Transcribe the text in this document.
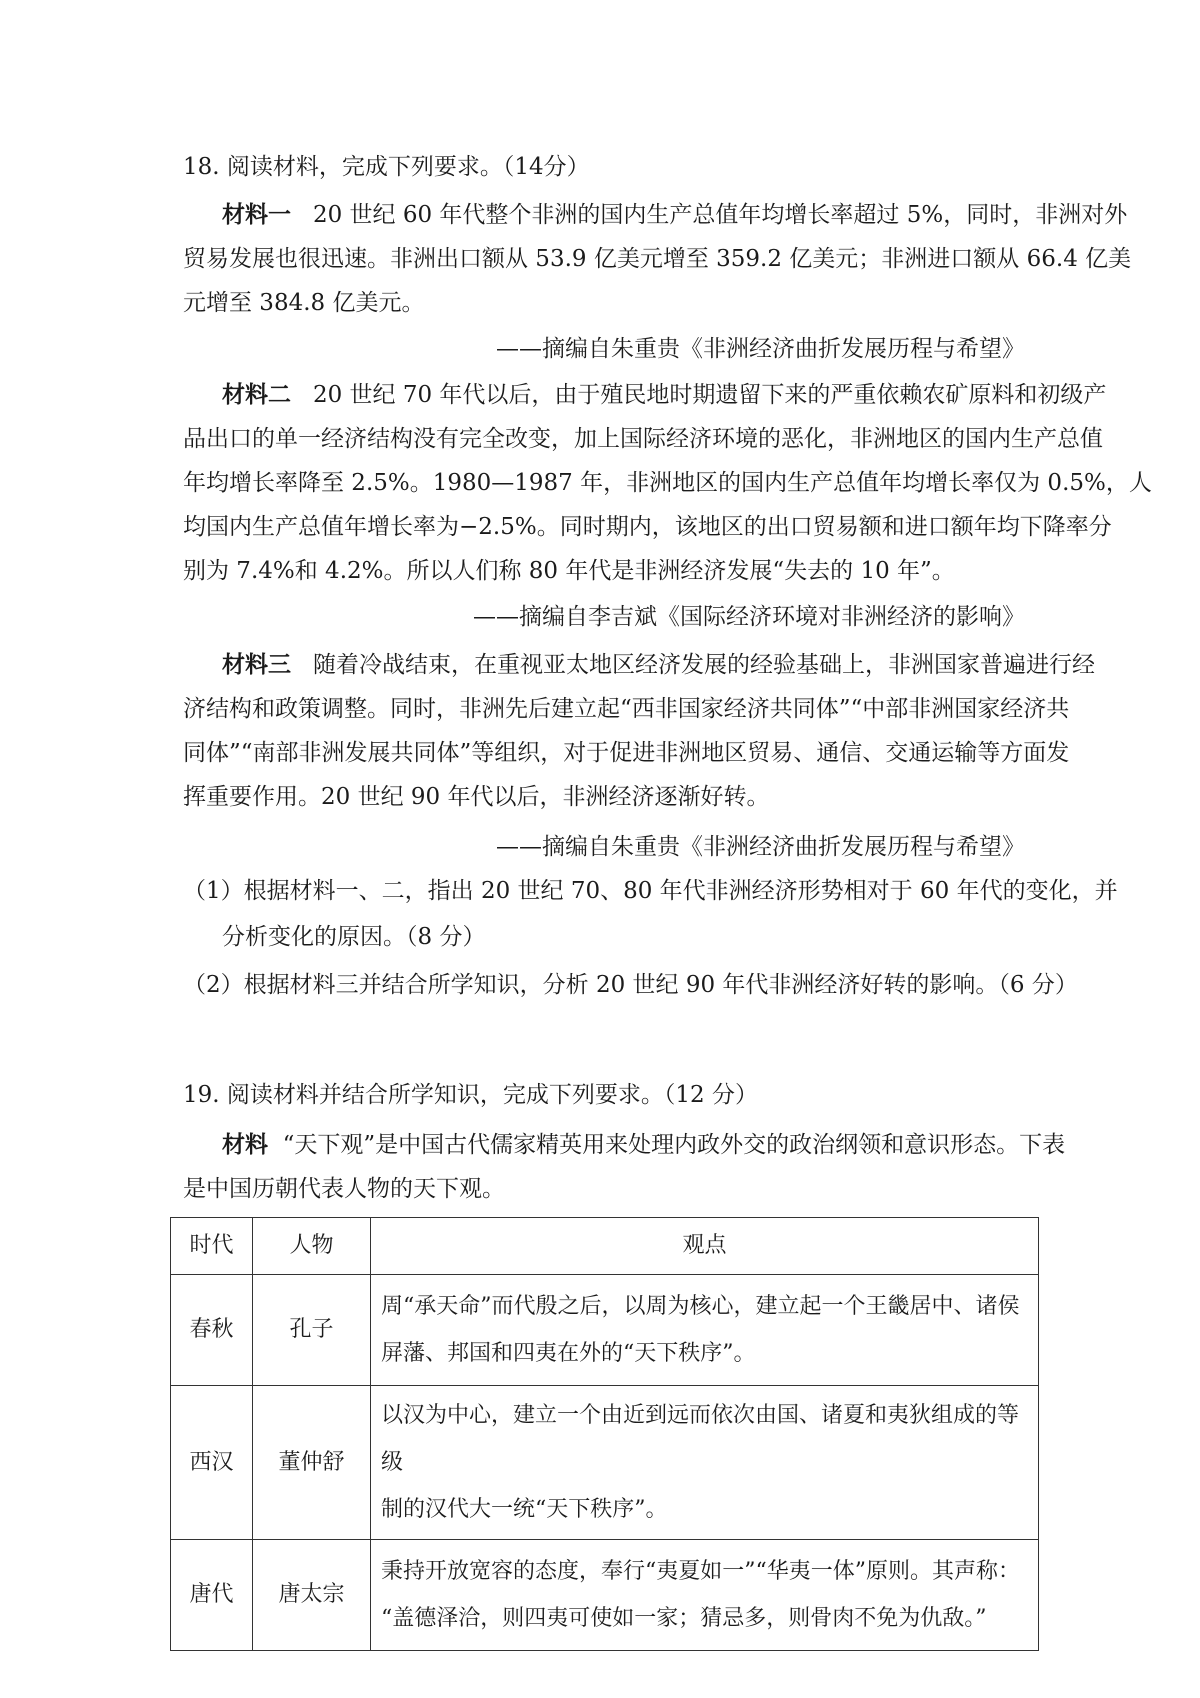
18. 阅读材料，完成下列要求。（14分）
材料一 20 世纪 60 年代整个非洲的国内生产总值年均增长率超过 5%，同时，非洲对外
贸易发展也很迅速。非洲出口额从 53.9 亿美元增至 359.2 亿美元；非洲进口额从 66.4 亿美
元增至 384.8 亿美元。
——摘编自朱重贵《非洲经济曲折发展历程与希望》
材料二 20 世纪 70 年代以后，由于殖民地时期遗留下来的严重依赖农矿原料和初级产
品出口的单一经济结构没有完全改变，加上国际经济环境的恶化，非洲地区的国内生产总值
年均增长率降至 2.5%。1980—1987 年，非洲地区的国内生产总值年均增长率仅为 0.5%，人
均国内生产总值年增长率为−2.5%。同时期内，该地区的出口贸易额和进口额年均下降率分
别为 7.4%和 4.2%。所以人们称 80 年代是非洲经济发展“失去的 10 年”。
——摘编自李吉斌《国际经济环境对非洲经济的影响》
材料三 随着冷战结束，在重视亚太地区经济发展的经验基础上，非洲国家普遍进行经
济结构和政策调整。同时，非洲先后建立起“西非国家经济共同体”“中部非洲国家经济共
同体”“南部非洲发展共同体”等组织，对于促进非洲地区贸易、通信、交通运输等方面发
挥重要作用。20 世纪 90 年代以后，非洲经济逐渐好转。
——摘编自朱重贵《非洲经济曲折发展历程与希望》
（1）根据材料一、二，指出 20 世纪 70、80 年代非洲经济形势相对于 60 年代的变化，并
分析变化的原因。（8 分）
（2）根据材料三并结合所学知识，分析 20 世纪 90 年代非洲经济好转的影响。（6 分）
19. 阅读材料并结合所学知识，完成下列要求。（12 分）
材料 “天下观”是中国古代儒家精英用来处理内政外交的政治纲领和意识形态。下表
是中国历朝代表人物的天下观。
时代	人物	观点
春秋	孔子	周“承天命”而代殷之后，以周为核心，建立起一个王畿居中、诸侯
屏藩、邦国和四夷在外的“天下秩序”。

西汉	董仲舒	以汉为中心，建立一个由近到远而依次由国、诸夏和夷狄组成的等级
制的汉代大一统“天下秩序”。

唐代	唐太宗	秉持开放宽容的态度，奉行“夷夏如一”“华夷一体”原则。其声称：
“盖德泽洽，则四夷可使如一家；猜忌多，则骨肉不免为仇敌。”
